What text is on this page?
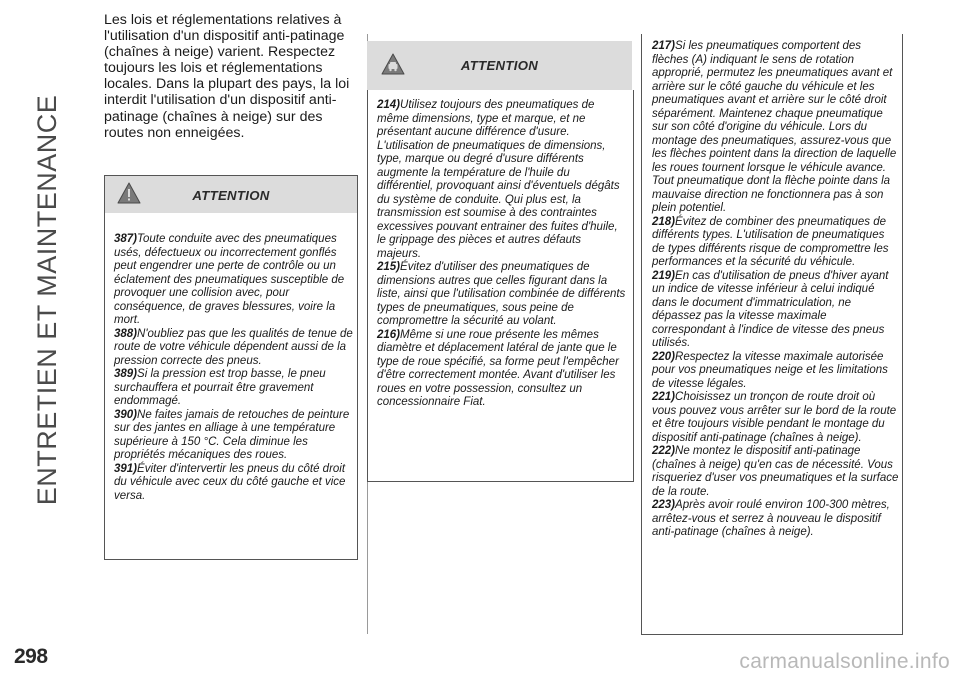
ENTRETIEN ET MAINTENANCE
Les lois et réglementations relatives à l'utilisation d'un dispositif anti-patinage (chaînes à neige) varient. Respectez toujours les lois et réglementations locales. Dans la plupart des pays, la loi interdit l'utilisation d'un dispositif anti-patinage (chaînes à neige) sur des routes non enneigées.
ATTENTION

387)Toute conduite avec des pneumatiques usés, défectueux ou incorrectement gonflés peut engendrer une perte de contrôle ou un éclatement des pneumatiques susceptible de provoquer une collision avec, pour conséquence, de graves blessures, voire la mort.

388)N'oubliez pas que les qualités de tenue de route de votre véhicule dépendent aussi de la pression correcte des pneus.

389)Si la pression est trop basse, le pneu surchauffera et pourrait être gravement endommagé.

390)Ne faites jamais de retouches de peinture sur des jantes en alliage à une température supérieure à 150 °C. Cela diminue les propriétés mécaniques des roues.

391)Éviter d'intervertir les pneus du côté droit du véhicule avec ceux du côté gauche et vice versa.

ATTENTION

214)Utilisez toujours des pneumatiques de même dimensions, type et marque, et ne présentant aucune différence d'usure. L'utilisation de pneumatiques de dimensions, type, marque ou degré d'usure différents augmente la température de l'huile du différentiel, provoquant ainsi d'éventuels dégâts du système de conduite. Qui plus est, la transmission est soumise à des contraintes excessives pouvant entrainer des fuites d'huile, le grippage des pièces et autres défauts majeurs.

215)Évitez d'utiliser des pneumatiques de dimensions autres que celles figurant dans la liste, ainsi que l'utilisation combinée de différents types de pneumatiques, sous peine de compromettre la sécurité au volant.

216)Même si une roue présente les mêmes diamètre et déplacement latéral de jante que le type de roue spécifié, sa forme peut l'empêcher d'être correctement montée. Avant d'utiliser les roues en votre possession, consultez un concessionnaire Fiat.

217)Si les pneumatiques comportent des flèches (A) indiquant le sens de rotation approprié, permutez les pneumatiques avant et arrière sur le côté gauche du véhicule et les pneumatiques avant et arrière sur le côté droit séparément. Maintenez chaque pneumatique sur son côté d'origine du véhicule. Lors du montage des pneumatiques, assurez-vous que les flèches pointent dans la direction de laquelle les roues tournent lorsque le véhicule avance. Tout pneumatique dont la flèche pointe dans la mauvaise direction ne fonctionnera pas à son plein potentiel.

218)Évitez de combiner des pneumatiques de différents types. L'utilisation de pneumatiques de types différents risque de compromettre les performances et la sécurité du véhicule.

219)En cas d'utilisation de pneus d'hiver ayant un indice de vitesse inférieur à celui indiqué dans le document d'immatriculation, ne dépassez pas la vitesse maximale correspondant à l'indice de vitesse des pneus utilisés.

220)Respectez la vitesse maximale autorisée pour vos pneumatiques neige et les limitations de vitesse légales.

221)Choisissez un tronçon de route droit où vous pouvez vous arrêter sur le bord de la route et être toujours visible pendant le montage du dispositif anti-patinage (chaînes à neige).

222)Ne montez le dispositif anti-patinage (chaînes à neige) qu'en cas de nécessité. Vous risqueriez d'user vos pneumatiques et la surface de la route.

223)Après avoir roulé environ 100-300 mètres, arrêtez-vous et serrez à nouveau le dispositif anti-patinage (chaînes à neige).

298	carmanualsonline.info
